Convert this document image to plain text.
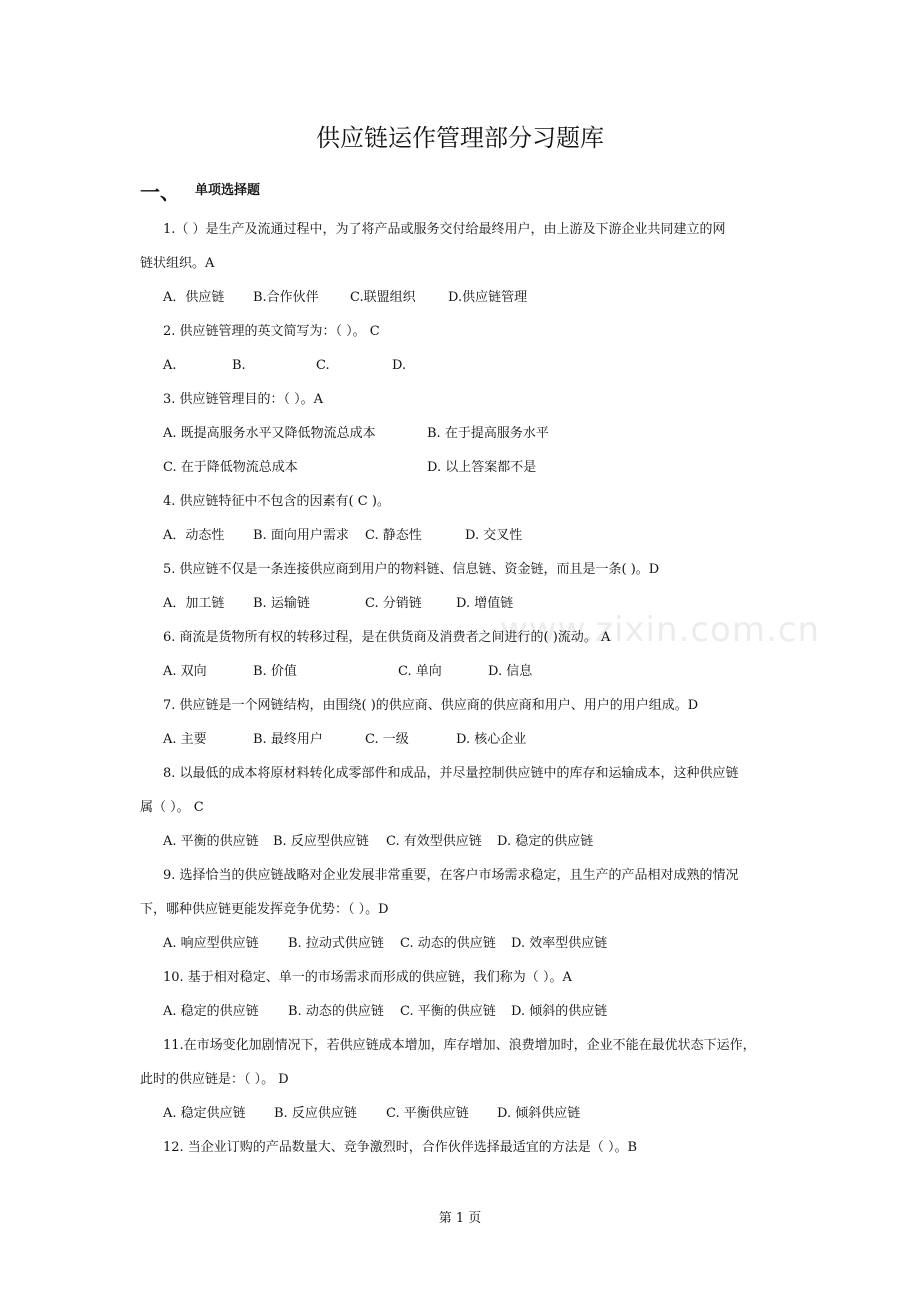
www.zixin.com.cn
供应链运作管理部分习题库
一、 单项选择题
1.（ ）是生产及流通过程中，为了将产品或服务交付给最终用户，由上游及下游企业共同建立的网
链状组织。A
A．供应链 B.合作伙伴 C.联盟组织 D.供应链管理
2. 供应链管理的英文简写为：（ ）。 C
A.	B.	C.	D.
3. 供应链管理目的：（ ）。A
A. 既提高服务水平又降低物流总成本	B. 在于提高服务水平
C. 在于降低物流总成本	D. 以上答案都不是
4. 供应链特征中不包含的因素有( C )。
A．动态性 B. 面向用户需求 C. 静态性	D. 交叉性
5. 供应链不仅是一条连接供应商到用户的物料链、信息链、资金链，而且是一条( )。D
A．加工链 B. 运输链	C. 分销链	D. 增值链
6. 商流是货物所有权的转移过程，是在供货商及消费者之间进行的( )流动。 A
A. 双向	B. 价值	C. 单向	D. 信息
7. 供应链是一个网链结构，由围绕( )的供应商、供应商的供应商和用户、用户的用户组成。D
A. 主要	B. 最终用户	C. 一级	D. 核心企业
8. 以最低的成本将原材料转化成零部件和成品，并尽量控制供应链中的库存和运输成本，这种供应链
属（ ）。 C
A. 平衡的供应链 B. 反应型供应链 C. 有效型供应链 D. 稳定的供应链
9. 选择恰当的供应链战略对企业发展非常重要，在客户市场需求稳定，且生产的产品相对成熟的情况
下，哪种供应链更能发挥竞争优势：（ ）。D
A. 响应型供应链 B. 拉动式供应链 C. 动态的供应链 D. 效率型供应链
10. 基于相对稳定、单一的市场需求而形成的供应链，我们称为（ ）。A
A. 稳定的供应链 B. 动态的供应链 C. 平衡的供应链 D. 倾斜的供应链
11.在市场变化加剧情况下，若供应链成本增加，库存增加、浪费增加时，企业不能在最优状态下运作，
此时的供应链是：（ ）。 D
A. 稳定供应链 B. 反应供应链 C. 平衡供应链 D. 倾斜供应链
12. 当企业订购的产品数量大、竞争激烈时，合作伙伴选择最适宜的方法是（ ）。B
第 1 页
